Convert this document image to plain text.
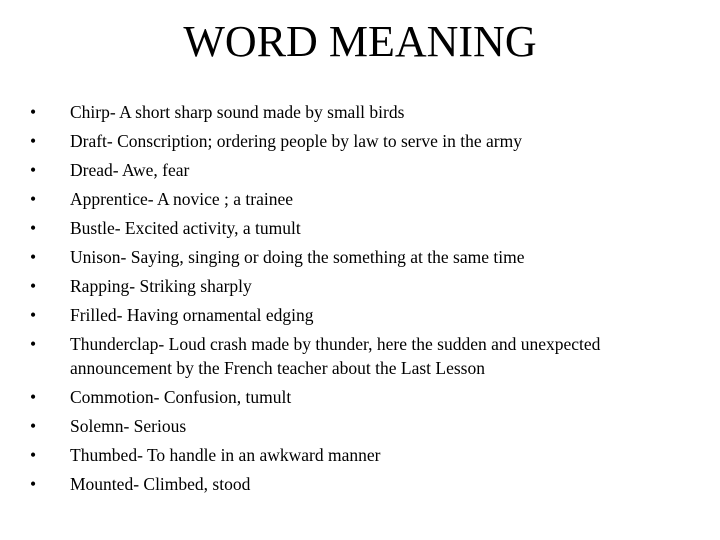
WORD MEANING
•	Chirp- A short sharp sound made by small birds
•	Draft- Conscription; ordering people by law to serve in the army
•	Dread- Awe, fear
•	Apprentice- A novice ; a trainee
•	Bustle- Excited activity, a tumult
•	Unison- Saying, singing or doing the something at the same time
•	Rapping- Striking sharply
•	Frilled- Having ornamental edging
•	Thunderclap- Loud crash made by thunder, here the sudden and unexpected announcement by the French teacher about the Last Lesson
•	Commotion- Confusion, tumult
•	Solemn- Serious
•	Thumbed- To handle in an awkward manner
•	Mounted- Climbed, stood
